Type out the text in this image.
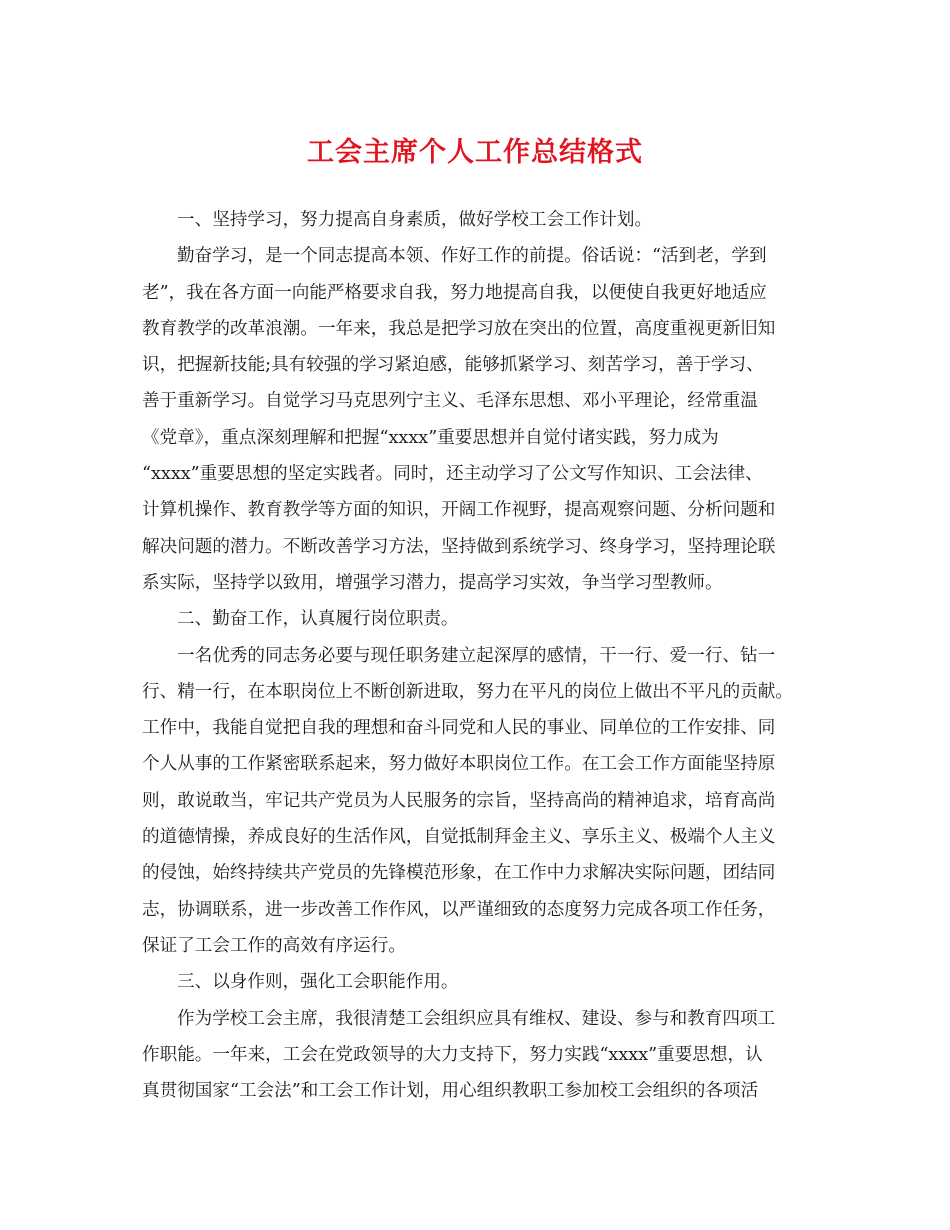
工会主席个人工作总结格式
一、坚持学习，努力提高自身素质，做好学校工会工作计划。
勤奋学习，是一个同志提高本领、作好工作的前提。俗话说：“活到老，学到
老”，我在各方面一向能严格要求自我，努力地提高自我，以便使自我更好地适应
教育教学的改革浪潮。一年来，我总是把学习放在突出的位置，高度重视更新旧知
识，把握新技能;具有较强的学习紧迫感，能够抓紧学习、刻苦学习，善于学习、
善于重新学习。自觉学习马克思列宁主义、毛泽东思想、邓小平理论，经常重温
《党章》，重点深刻理解和把握“xxxx”重要思想并自觉付诸实践，努力成为
“xxxx”重要思想的坚定实践者。同时，还主动学习了公文写作知识、工会法律、
计算机操作、教育教学等方面的知识，开阔工作视野，提高观察问题、分析问题和
解决问题的潜力。不断改善学习方法，坚持做到系统学习、终身学习，坚持理论联
系实际，坚持学以致用，增强学习潜力，提高学习实效，争当学习型教师。
二、勤奋工作，认真履行岗位职责。
一名优秀的同志务必要与现任职务建立起深厚的感情，干一行、爱一行、钻一
行、精一行，在本职岗位上不断创新进取，努力在平凡的岗位上做出不平凡的贡献。
工作中，我能自觉把自我的理想和奋斗同党和人民的事业、同单位的工作安排、同
个人从事的工作紧密联系起来，努力做好本职岗位工作。在工会工作方面能坚持原
则，敢说敢当，牢记共产党员为人民服务的宗旨，坚持高尚的精神追求，培育高尚
的道德情操，养成良好的生活作风，自觉抵制拜金主义、享乐主义、极端个人主义
的侵蚀，始终持续共产党员的先锋模范形象，在工作中力求解决实际问题，团结同
志，协调联系，进一步改善工作作风，以严谨细致的态度努力完成各项工作任务，
保证了工会工作的高效有序运行。
三、以身作则，强化工会职能作用。
作为学校工会主席，我很清楚工会组织应具有维权、建设、参与和教育四项工
作职能。一年来，工会在党政领导的大力支持下，努力实践“xxxx”重要思想，认
真贯彻国家“工会法”和工会工作计划，用心组织教职工参加校工会组织的各项活
